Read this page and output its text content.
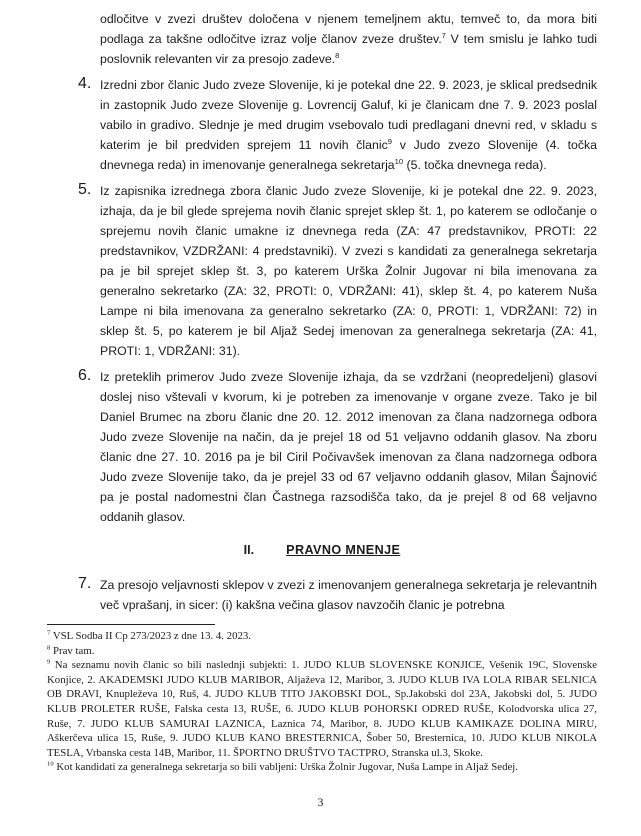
odločitve v zvezi društev določena v njenem temeljnem aktu, temveč to, da mora biti podlaga za takšne odločitve izraz volje članov zveze društev.$^7$ V tem smislu je lahko tudi poslovnik relevanten vir za presojo zadeve.$^8$

4. Izredni zbor članic Judo zveze Slovenije, ki je potekal dne 22. 9. 2023, je sklical predsednik in zastopnik Judo zveze Slovenije g. Lovrencij Galuf, ki je članicam dne 7. 9. 2023 poslal vabilo in gradivo. Slednje je med drugim vsebovalo tudi predlagani dnevni red, v skladu s katerim je bil predviden sprejem 11 novih članic$^9$ v Judo zvezo Slovenije (4. točka dnevnega reda) in imenovanje generalnega sekretarja$^{10}$ (5. točka dnevnega reda).

5. Iz zapisnika izrednega zbora članic Judo zveze Slovenije, ki je potekal dne 22. 9. 2023, izhaja, da je bil glede sprejema novih članic sprejet sklep št. 1, po katerem se odločanje o sprejemu novih članic umakne iz dnevnega reda (ZA: 47 predstavnikov, PROTI: 22 predstavnikov, VZDRŽANI: 4 predstavniki). V zvezi s kandidati za generalnega sekretarja pa je bil sprejet sklep št. 3, po katerem Urška Žolnir Jugovar ni bila imenovana za generalno sekretarko (ZA: 32, PROTI: 0, VDRŽANI: 41), sklep št. 4, po katerem Nuša Lampe ni bila imenovana za generalno sekretarko (ZA: 0, PROTI: 1, VDRŽANI: 72) in sklep št. 5, po katerem je bil Aljaž Sedej imenovan za generalnega sekretarja (ZA: 41, PROTI: 1, VDRŽANI: 31).

6. Iz preteklih primerov Judo zveze Slovenije izhaja, da se vzdržani (neopredeljeni) glasovi doslej niso vštevali v kvorum, ki je potreben za imenovanje v organe zveze. Tako je bil Daniel Brumec na zboru članic dne 20. 12. 2012 imenovan za člana nadzornega odbora Judo zveze Slovenije na način, da je prejel 18 od 51 veljavno oddanih glasov. Na zboru članic dne 27. 10. 2016 pa je bil Ciril Počivavšek imenovan za člana nadzornega odbora Judo zveze Slovenije tako, da je prejel 33 od 67 veljavno oddanih glasov, Milan Šajnović pa je postal nadomestni član Častnega razsodišča tako, da je prejel 8 od 68 veljavno oddanih glasov.

II.	PRAVNO MNENJE
7. Za presojo veljavnosti sklepov v zvezi z imenovanjem generalnega sekretarja je relevantnih več vprašanj, in sicer: (i) kakšna večina glasov navzočih članic je potrebna

$^7$ VSL Sodba II Cp 273/2023 z dne 13. 4. 2023.

$^8$ Prav tam.

$^9$ Na seznamu novih članic so bili naslednji subjekti: 1. JUDO KLUB SLOVENSKE KONJICE, Vešenik 19C, Slovenske Konjice, 2. AKADEMSKI JUDO KLUB MARIBOR, Aljaževa 12, Maribor, 3. JUDO KLUB IVA LOLA RIBAR SELNICA OB DRAVI, Knupleževa 10, Ruš, 4. JUDO KLUB TITO JAKOBSKI DOL, Sp.Jakobski dol 23A, Jakobski dol, 5. JUDO KLUB PROLETER RUŠE, Falska cesta 13, RUŠE, 6. JUDO KLUB POHORSKI ODRED RUŠE, Kolodvorska ulica 27, Ruše, 7. JUDO KLUB SAMURAI LAZNICA, Laznica 74, Maribor, 8. JUDO KLUB KAMIKAZE DOLINA MIRU, Aškerčeva ulica 15, Ruše, 9. JUDO KLUB KANO BRESTERNICA, Šober 50, Bresternica, 10. JUDO KLUB NIKOLA TESLA, Vrbanska cesta 14B, Maribor, 11. ŠPORTNO DRUŠTVO TACTPRO, Stranska ul.3, Skoke.

$^{10}$ Kot kandidati za generalnega sekretarja so bili vabljeni: Urška Žolnir Jugovar, Nuša Lampe in Aljaž Sedej.

3
